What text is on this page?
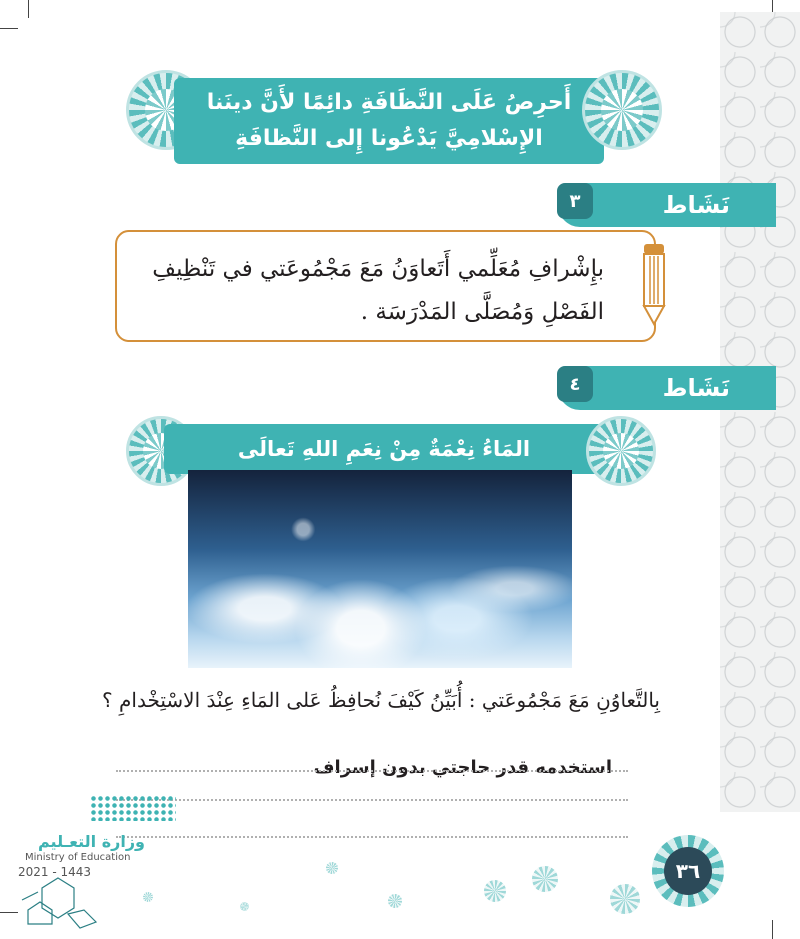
أَحرِصُ عَلَى النَّظَافَةِ دائِمًا لأَنَّ دينَنا
الإِسْلامِيَّ يَدْعُونا إِلى النَّظافَةِ
نَشَاط
٣
بإِشْرافِ مُعَلِّمي أَتَعاوَنُ مَعَ مَجْمُوعَتي في تَنْظِيفِ الفَصْلِ وَمُصَلَّى المَدْرَسَة .
نَشَاط
٤
المَاءُ نِعْمَةٌ مِنْ نِعَمِ اللهِ تَعالَى
بِالتَّعاوُنِ مَعَ مَجْمُوعَتي : أُبَيِّنُ كَيْفَ نُحافِظُ عَلى المَاءِ عِنْدَ الاسْتِخْدامِ ؟
استخدمه قدر حاجتي بدون إسراف
٣٦
وزارة التعـليم
Ministry of Education
2021 - 1443
